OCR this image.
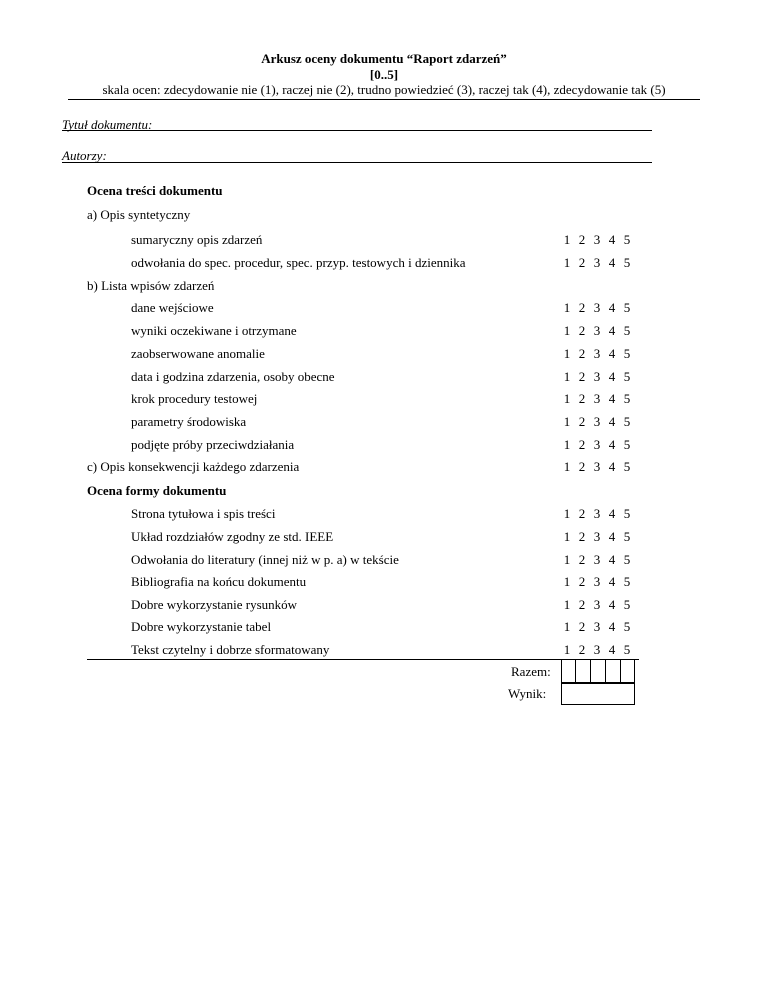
Arkusz oceny dokumentu “Raport zdarzeń”
[0..5]
skala ocen: zdecydowanie nie (1), raczej nie (2), trudno powiedzieć (3), raczej tak (4), zdecydowanie tak (5)
Tytuł dokumentu:
Autorzy:
Ocena treści dokumentu
a) Opis syntetyczny
sumaryczny opis zdarzeń	1 2 3 4 5
odwołania do spec. procedur, spec. przyp. testowych i dziennika	1 2 3 4 5
b) Lista wpisów zdarzeń
dane wejściowe	1 2 3 4 5
wyniki oczekiwane i otrzymane	1 2 3 4 5
zaobserwowane anomalie	1 2 3 4 5
data i godzina zdarzenia, osoby obecne	1 2 3 4 5
krok procedury testowej	1 2 3 4 5
parametry środowiska	1 2 3 4 5
podjęte próby przeciwdziałania	1 2 3 4 5
c) Opis konsekwencji każdego zdarzenia	1 2 3 4 5
Ocena formy dokumentu
Strona tytułowa i spis treści	1 2 3 4 5
Układ rozdziałów zgodny ze std. IEEE	1 2 3 4 5
Odwołania do literatury (innej niż w p. a) w tekście	1 2 3 4 5
Bibliografia na końcu dokumentu	1 2 3 4 5
Dobre wykorzystanie rysunków	1 2 3 4 5
Dobre wykorzystanie tabel	1 2 3 4 5
Tekst czytelny i dobrze sformatowany	1 2 3 4 5
Razem:
Wynik:
